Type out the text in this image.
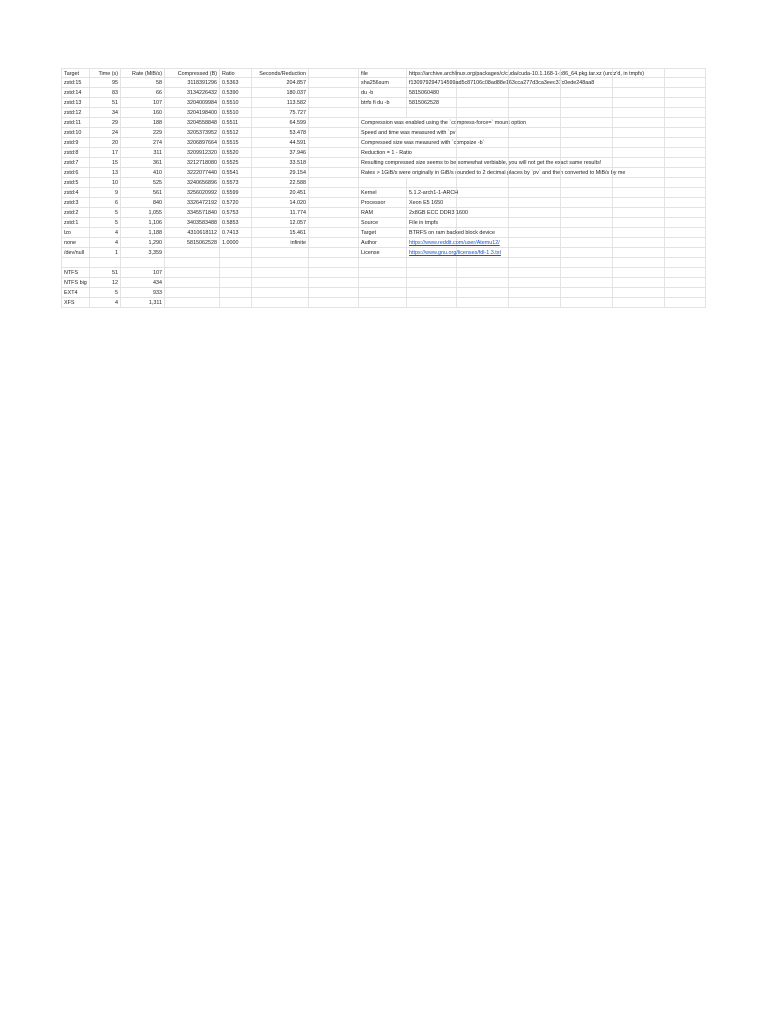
Target	Time (s)	Rate (MiB/s)	Compressed (B) Ratio	Seconds/Reduction	file	https://archive.archlinux.org/packages/c/cuda/cuda-10.1.168-1-x86_64.pkg.tar.xz (unxz'd, in tmpfs)
zstd:15	95	58	3118391296 0.5363	204.857	sha256sum	f130979294714599ad5c87106c08ad88e163cca277d3ca3eec37c0ede248aa8
zstd:14	83	66	3134226432 0.5390	180.037	du -b	5815060480
zstd:13	51	107	3204009984 0.5510	113.582	btrfs fi du -b	5815062528
zstd:12	34	160	3204198400 0.5510	75.727
zstd:11	29	188	3204558848 0.5511	64.599	Compression was enabled using the `compress-force=` mount option
zstd:10	24	229	3205373952 0.5512	53.478	Speed and time was measured with `pv`
zstd:9	20	274	3206897664 0.5515	44.591	Compressed size was measured with `compsize -b`
zstd:8	17	311	3209912320 0.5520	37.946	Reduction = 1 - Ratio
zstd:7	15	361	3212718080 0.5525	33.518	Resulting compressed size seems to be somewhat verbiable, you will not get the exact same results!
zstd:6	13	410	3222077440 0.5541	29.154	Rates > 1GiB/s were originally in GiB/s rounded to 2 decimal places by `pv` and then converted to MiB/s by me
zstd:5	10	525	3240656896 0.5573	22.588
zstd:4	9	561	3256020992 0.5599	20.451	Kernel	5.1.2-arch1-1-ARCH
zstd:3	6	840	3326472192 0.5720	14.020	Processor	Xeon E5 1650
zstd:2	5	1,055	3345571840 0.5753	11.774	RAM	2x8GB ECC DDR3 1600
zstd:1	5	1,106	3403583488 0.5853	12.057	Source	File in tmpfs
lzo	4	1,188	4310618112 0.7413	15.461	Target	BTRFS on ram backed block device
none	4	1,290	5815062528 1.0000	infinite	Author	https://www.reddit.com/user/Atemu12/
/dev/null	1	3,359	License	https://www.gnu.org/licenses/fdl-1.3.txt
NTFS	51	107
NTFS big	12	434
EXT4	5	933
XFS	4	1,311
